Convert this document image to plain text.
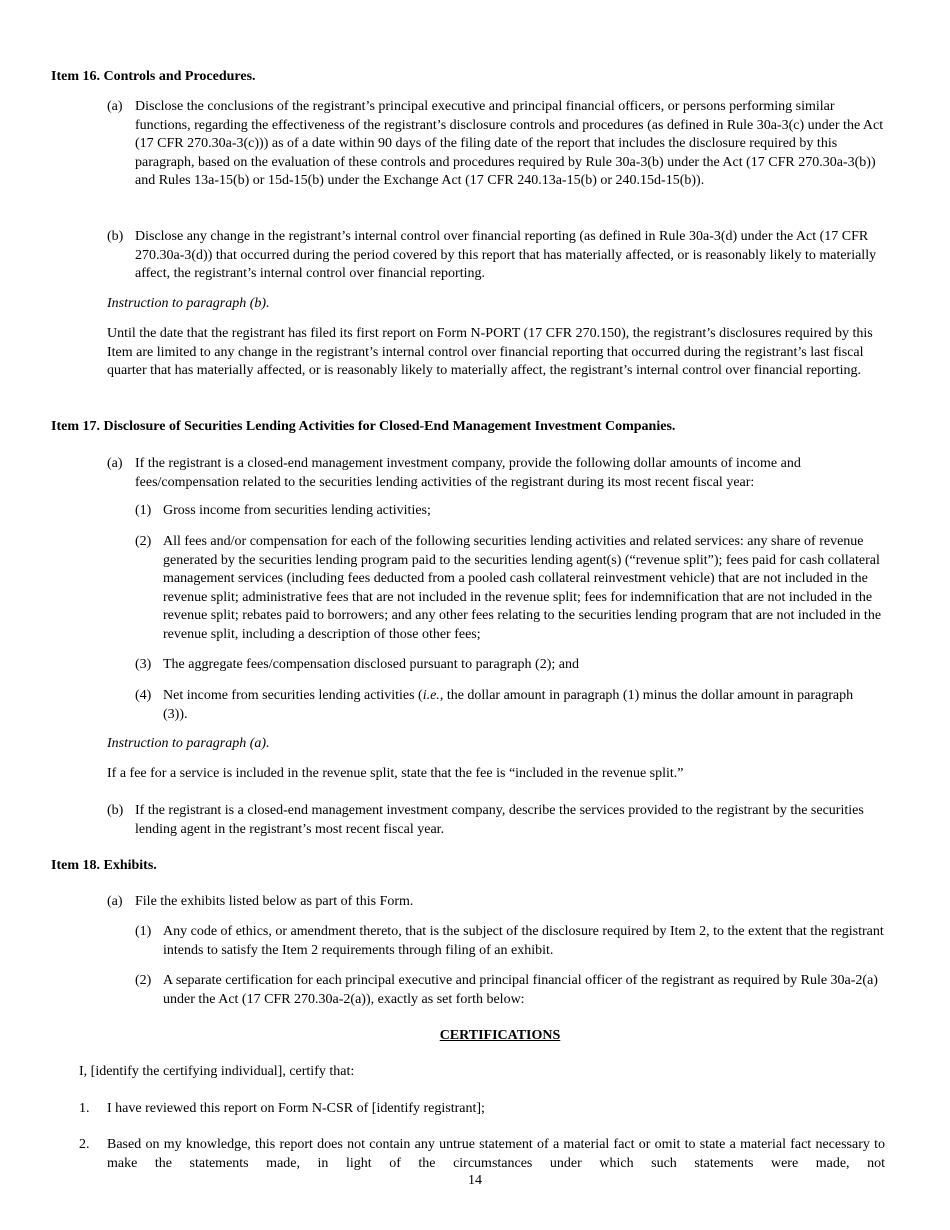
Item 16. Controls and Procedures.

(a) Disclose the conclusions of the registrant’s principal executive and principal financial officers, or persons performing similar functions, regarding the effectiveness of the registrant’s disclosure controls and procedures (as defined in Rule 30a-3(c) under the Act (17 CFR 270.30a-3(c))) as of a date within 90 days of the filing date of the report that includes the disclosure required by this paragraph, based on the evaluation of these controls and procedures required by Rule 30a-3(b) under the Act (17 CFR 270.30a-3(b)) and Rules 13a-15(b) or 15d-15(b) under the Exchange Act (17 CFR 240.13a-15(b) or 240.15d-15(b)).

(b) Disclose any change in the registrant’s internal control over financial reporting (as defined in Rule 30a-3(d) under the Act (17 CFR 270.30a-3(d)) that occurred during the period covered by this report that has materially affected, or is reasonably likely to materially affect, the registrant’s internal control over financial reporting.

Instruction to paragraph (b).

Until the date that the registrant has filed its first report on Form N-PORT (17 CFR 270.150), the registrant’s disclosures required by this Item are limited to any change in the registrant’s internal control over financial reporting that occurred during the registrant’s last fiscal quarter that has materially affected, or is reasonably likely to materially affect, the registrant’s internal control over financial reporting.

Item 17. Disclosure of Securities Lending Activities for Closed-End Management Investment Companies.

(a) If the registrant is a closed-end management investment company, provide the following dollar amounts of income and fees/compensation related to the securities lending activities of the registrant during its most recent fiscal year:

(1) Gross income from securities lending activities;

(2) All fees and/or compensation for each of the following securities lending activities and related services: any share of revenue generated by the securities lending program paid to the securities lending agent(s) (“revenue split”); fees paid for cash collateral management services (including fees deducted from a pooled cash collateral reinvestment vehicle) that are not included in the revenue split; administrative fees that are not included in the revenue split; fees for indemnification that are not included in the revenue split; rebates paid to borrowers; and any other fees relating to the securities lending program that are not included in the revenue split, including a description of those other fees;

(3) The aggregate fees/compensation disclosed pursuant to paragraph (2); and

(4) Net income from securities lending activities (i.e., the dollar amount in paragraph (1) minus the dollar amount in paragraph (3)).

Instruction to paragraph (a).

If a fee for a service is included in the revenue split, state that the fee is “included in the revenue split.”

(b) If the registrant is a closed-end management investment company, describe the services provided to the registrant by the securities lending agent in the registrant’s most recent fiscal year.

Item 18. Exhibits.

(a) File the exhibits listed below as part of this Form.

(1) Any code of ethics, or amendment thereto, that is the subject of the disclosure required by Item 2, to the extent that the registrant intends to satisfy the Item 2 requirements through filing of an exhibit.

(2) A separate certification for each principal executive and principal financial officer of the registrant as required by Rule 30a-2(a) under the Act (17 CFR 270.30a-2(a)), exactly as set forth below:

CERTIFICATIONS

I, [identify the certifying individual], certify that:

1. I have reviewed this report on Form N-CSR of [identify registrant];

2. Based on my knowledge, this report does not contain any untrue statement of a material fact or omit to state a material fact necessary to make the statements made, in light of the circumstances under which such statements were made, not

14
